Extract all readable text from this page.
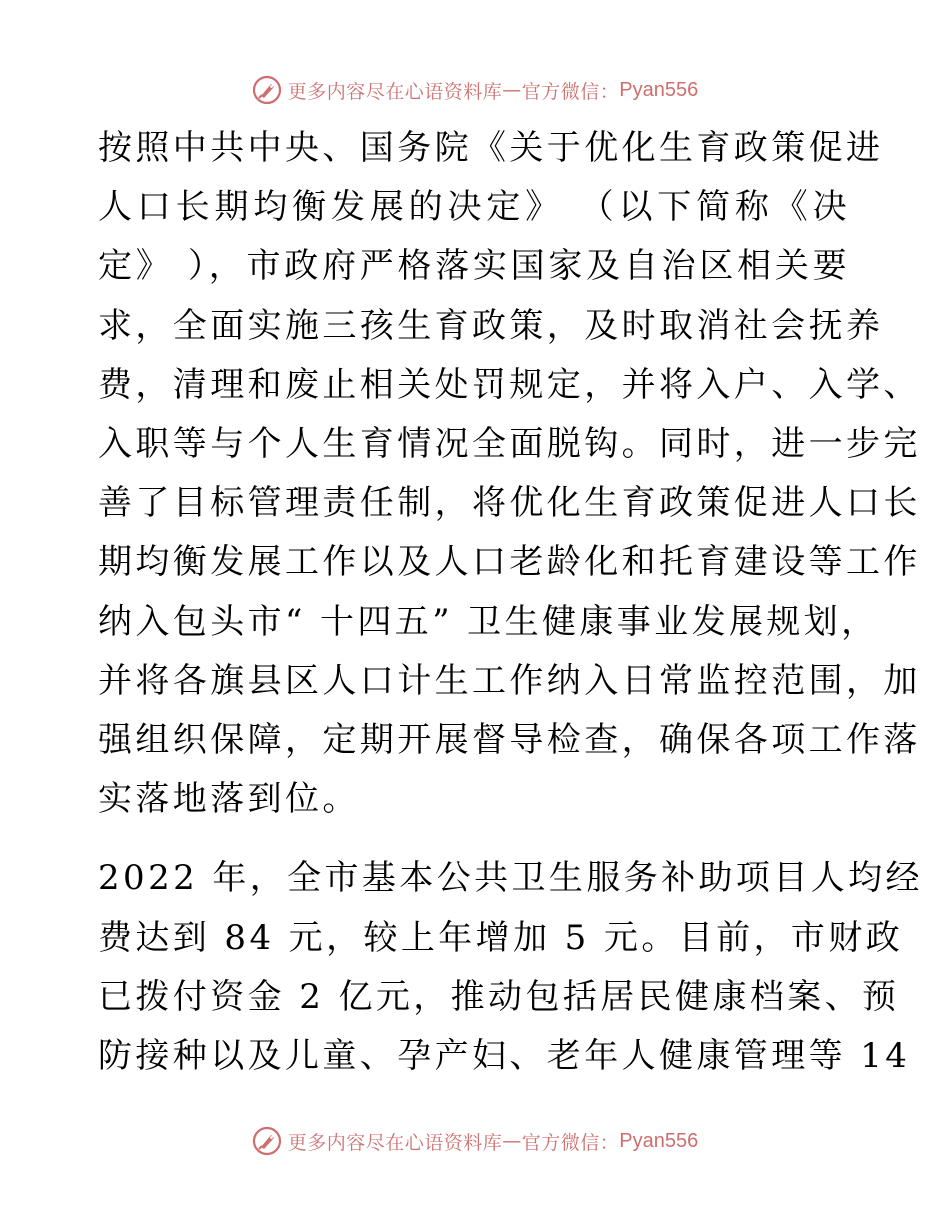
更多内容尽在心语资料库 — 官方微信： Pyan556

按照中共中央、国务院《关于优化生育政策促进
人口长期均衡发展的决定》 （以下简称《决
定》 ），市政府严格落实国家及自治区相关要
求，全面实施三孩生育政策，及时取消社会抚养
费，清理和废止相关处罚规定，并将入户、入学、
入职等与个人生育情况全面脱钩。同时，进一步完
善了目标管理责任制，将优化生育政策促进人口长
期均衡发展工作以及人口老龄化和托育建设等工作
纳入包头市“ 十四五” 卫生健康事业发展规划，
并将各旗县区人口计生工作纳入日常监控范围，加
强组织保障，定期开展督导检查，确保各项工作落
实落地落到位。

2022 年，全市基本公共卫生服务补助项目人均经
费达到 84 元，较上年增加 5 元。目前，市财政
已拨付资金 2 亿元，推动包括居民健康档案、预
防接种以及儿童、孕产妇、老年人健康管理等 14

更多内容尽在心语资料库 — 官方微信： Pyan556
